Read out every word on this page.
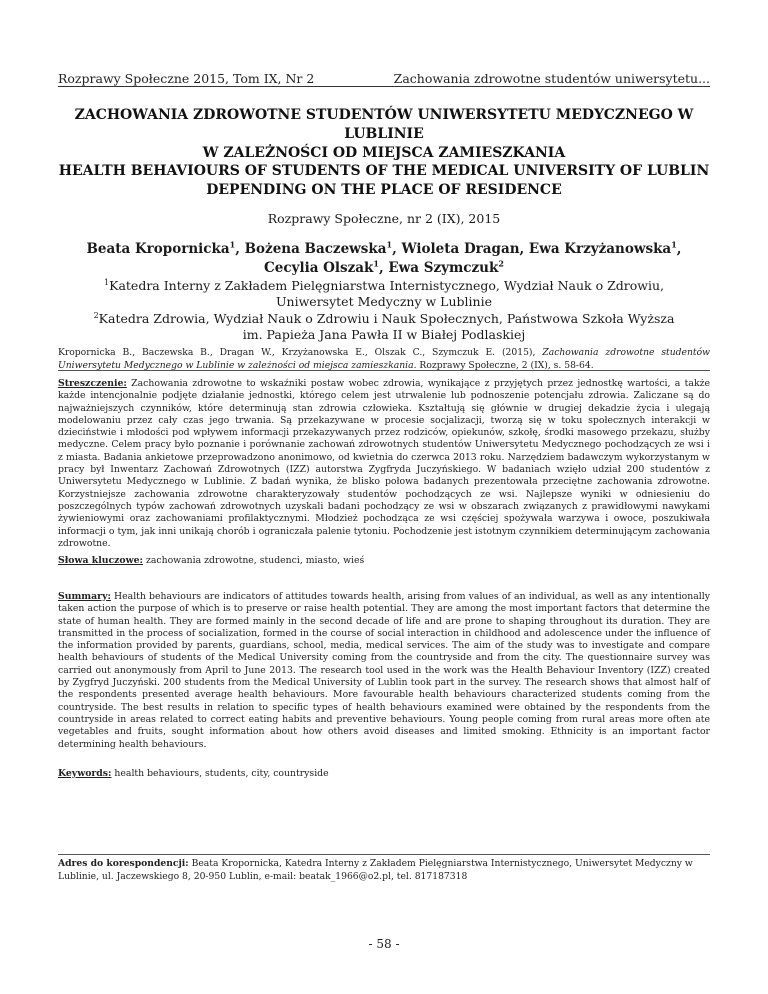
Rozprawy Społeczne 2015, Tom IX, Nr 2	Zachowania zdrowotne studentów uniwersytetu...
ZACHOWANIA ZDROWOTNE STUDENTÓW UNIWERSYTETU MEDYCZNEGO W LUBLINIE
W ZALEŻNOŚCI OD MIEJSCA ZAMIESZKANIA
HEALTH BEHAVIOURS OF STUDENTS OF THE MEDICAL UNIVERSITY OF LUBLIN
DEPENDING ON THE PLACE OF RESIDENCE
Rozprawy Społeczne, nr 2 (IX), 2015
Beata Kropornicka$^1$, Bożena Baczewska$^1$, Wioleta Dragan, Ewa Krzyżanowska$^1$,
Cecylia Olszak$^1$, Ewa Szymczuk$^2$
$^1$Katedra Interny z Zakładem Pielęgniarstwa Internistycznego, Wydział Nauk o Zdrowiu,
Uniwersytet Medyczny w Lublinie
$^2$Katedra Zdrowia, Wydział Nauk o Zdrowiu i Nauk Społecznych, Państwowa Szkoła Wyższa
im. Papieża Jana Pawła II w Białej Podlaskiej
Kropornicka B., Baczewska B., Dragan W., Krzyżanowska E., Olszak C., Szymczuk E. (2015), Zachowania zdrowotne studentów Uniwersytetu Medycznego w Lublinie w zależności od miejsca zamieszkania. Rozprawy Społeczne, 2 (IX), s. 58-64.
Streszczenie: Zachowania zdrowotne to wskaźniki postaw wobec zdrowia, wynikające z przyjętych przez jednostkę wartości, a także każde intencjonalnie podjęte działanie jednostki, którego celem jest utrwalenie lub podnoszenie potencjału zdrowia. Zaliczane są do najważniejszych czynników, które determinują stan zdrowia człowieka. Kształtują się głównie w drugiej dekadzie życia i ulegają modelowaniu przez cały czas jego trwania. Są przekazywane w procesie socjalizacji, tworzą się w toku społecznych interakcji w dzieciństwie i młodości pod wpływem informacji przekazywanych przez rodziców, opiekunów, szkołę, środki masowego przekazu, służby medyczne. Celem pracy było poznanie i porównanie zachowań zdrowotnych studentów Uniwersytetu Medycznego pochodzących ze wsi i z miasta. Badania ankietowe przeprowadzono anonimowo, od kwietnia do czerwca 2013 roku. Narzędziem badawczym wykorzystanym w pracy był Inwentarz Zachowań Zdrowotnych (IZZ) autorstwa Zygfryda Juczyńskiego. W badaniach wzięło udział 200 studentów z Uniwersytetu Medycznego w Lublinie. Z badań wynika, że blisko połowa badanych prezentowała przeciętne zachowania zdrowotne. Korzystniejsze zachowania zdrowotne charakteryzowały studentów pochodzących ze wsi. Najlepsze wyniki w odniesieniu do poszczególnych typów zachowań zdrowotnych uzyskali badani pochodzący ze wsi w obszarach związanych z prawidłowymi nawykami żywieniowymi oraz zachowaniami profilaktycznymi. Młodzież pochodząca ze wsi częściej spożywała warzywa i owoce, poszukiwała informacji o tym, jak inni unikają chorób i ograniczała palenie tytoniu. Pochodzenie jest istotnym czynnikiem determinującym zachowania zdrowotne.
Słowa kluczowe: zachowania zdrowotne, studenci, miasto, wieś
Summary: Health behaviours are indicators of attitudes towards health, arising from values of an individual, as well as any intentionally taken action the purpose of which is to preserve or raise health potential. They are among the most important factors that determine the state of human health. They are formed mainly in the second decade of life and are prone to shaping throughout its duration. They are transmitted in the process of socialization, formed in the course of social interaction in childhood and adolescence under the influence of the information provided by parents, guardians, school, media, medical services. The aim of the study was to investigate and compare health behaviours of students of the Medical University coming from the countryside and from the city. The questionnaire survey was carried out anonymously from April to June 2013. The research tool used in the work was the Health Behaviour Inventory (IZZ) created by Zygfryd Juczyński. 200 students from the Medical University of Lublin took part in the survey. The research shows that almost half of the respondents presented average health behaviours. More favourable health behaviours characterized students coming from the countryside. The best results in relation to specific types of health behaviours examined were obtained by the respondents from the countryside in areas related to correct eating habits and preventive behaviours. Young people coming from rural areas more often ate vegetables and fruits, sought information about how others avoid diseases and limited smoking. Ethnicity is an important factor determining health behaviours.
Keywords: health behaviours, students, city, countryside
Adres do korespondencji: Beata Kropornicka, Katedra Interny z Zakładem Pielęgniarstwa Internistycznego, Uniwersytet Medyczny w Lublinie, ul. Jaczewskiego 8, 20-950 Lublin, e-mail: beatak_1966@o2.pl, tel. 817187318
- 58 -
